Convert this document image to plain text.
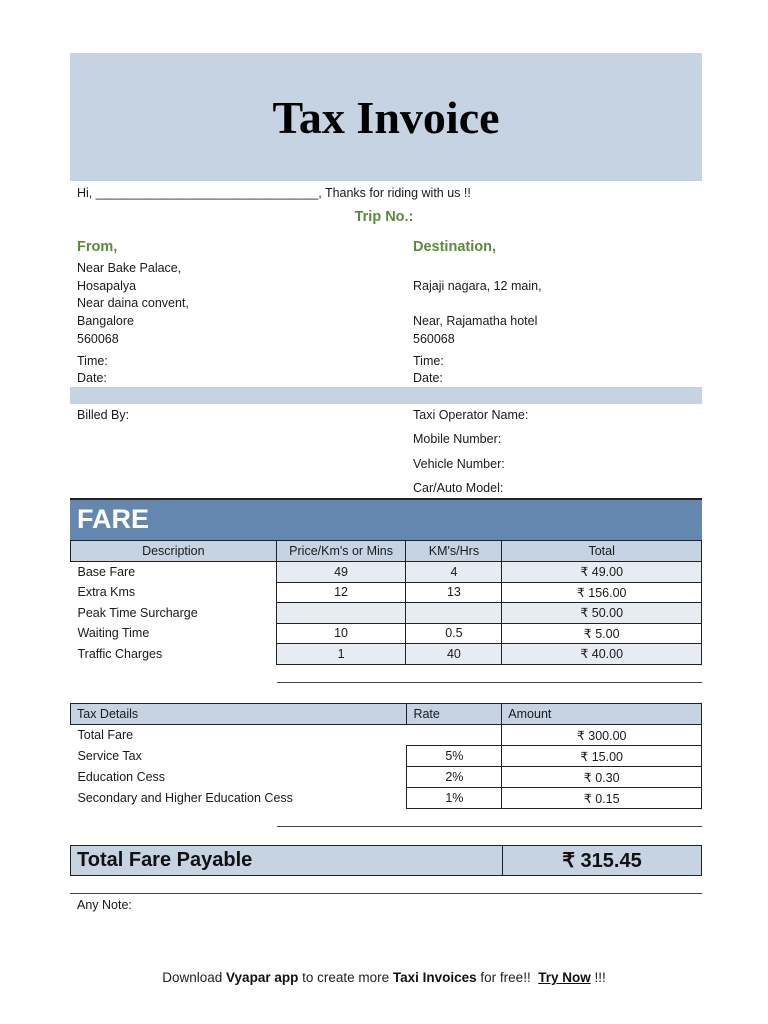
Tax Invoice
Hi, ________________________________, Thanks for riding with us !!
Trip No.:
From,
Near Bake Palace,
Hosapalya
Near daina convent,
Bangalore
560068
Time:
Date:
Destination,
Rajaji nagara, 12 main,
Near, Rajamatha hotel
560068
Time:
Date:
Billed By:	Taxi Operator Name:
Mobile Number:
Vehicle Number:
Car/Auto Model:
FARE
Description	Price/Km's or Mins	KM's/Hrs	Total
Base Fare	49	4	₹ 49.00
Extra Kms	12	13	₹ 156.00
Peak Time Surcharge			₹ 50.00
Waiting Time	10	0.5	₹ 5.00
Traffic Charges	1	40	₹ 40.00
Tax Details	Rate	Amount
Total Fare		₹ 300.00
Service Tax	5%	₹ 15.00
Education Cess	2%	₹ 0.30
Secondary and Higher Education Cess	1%	₹ 0.15
Total Fare Payable	₹ 315.45
Any Note:
Download Vyapar app to create more Taxi Invoices for free!!  Try Now !!!
